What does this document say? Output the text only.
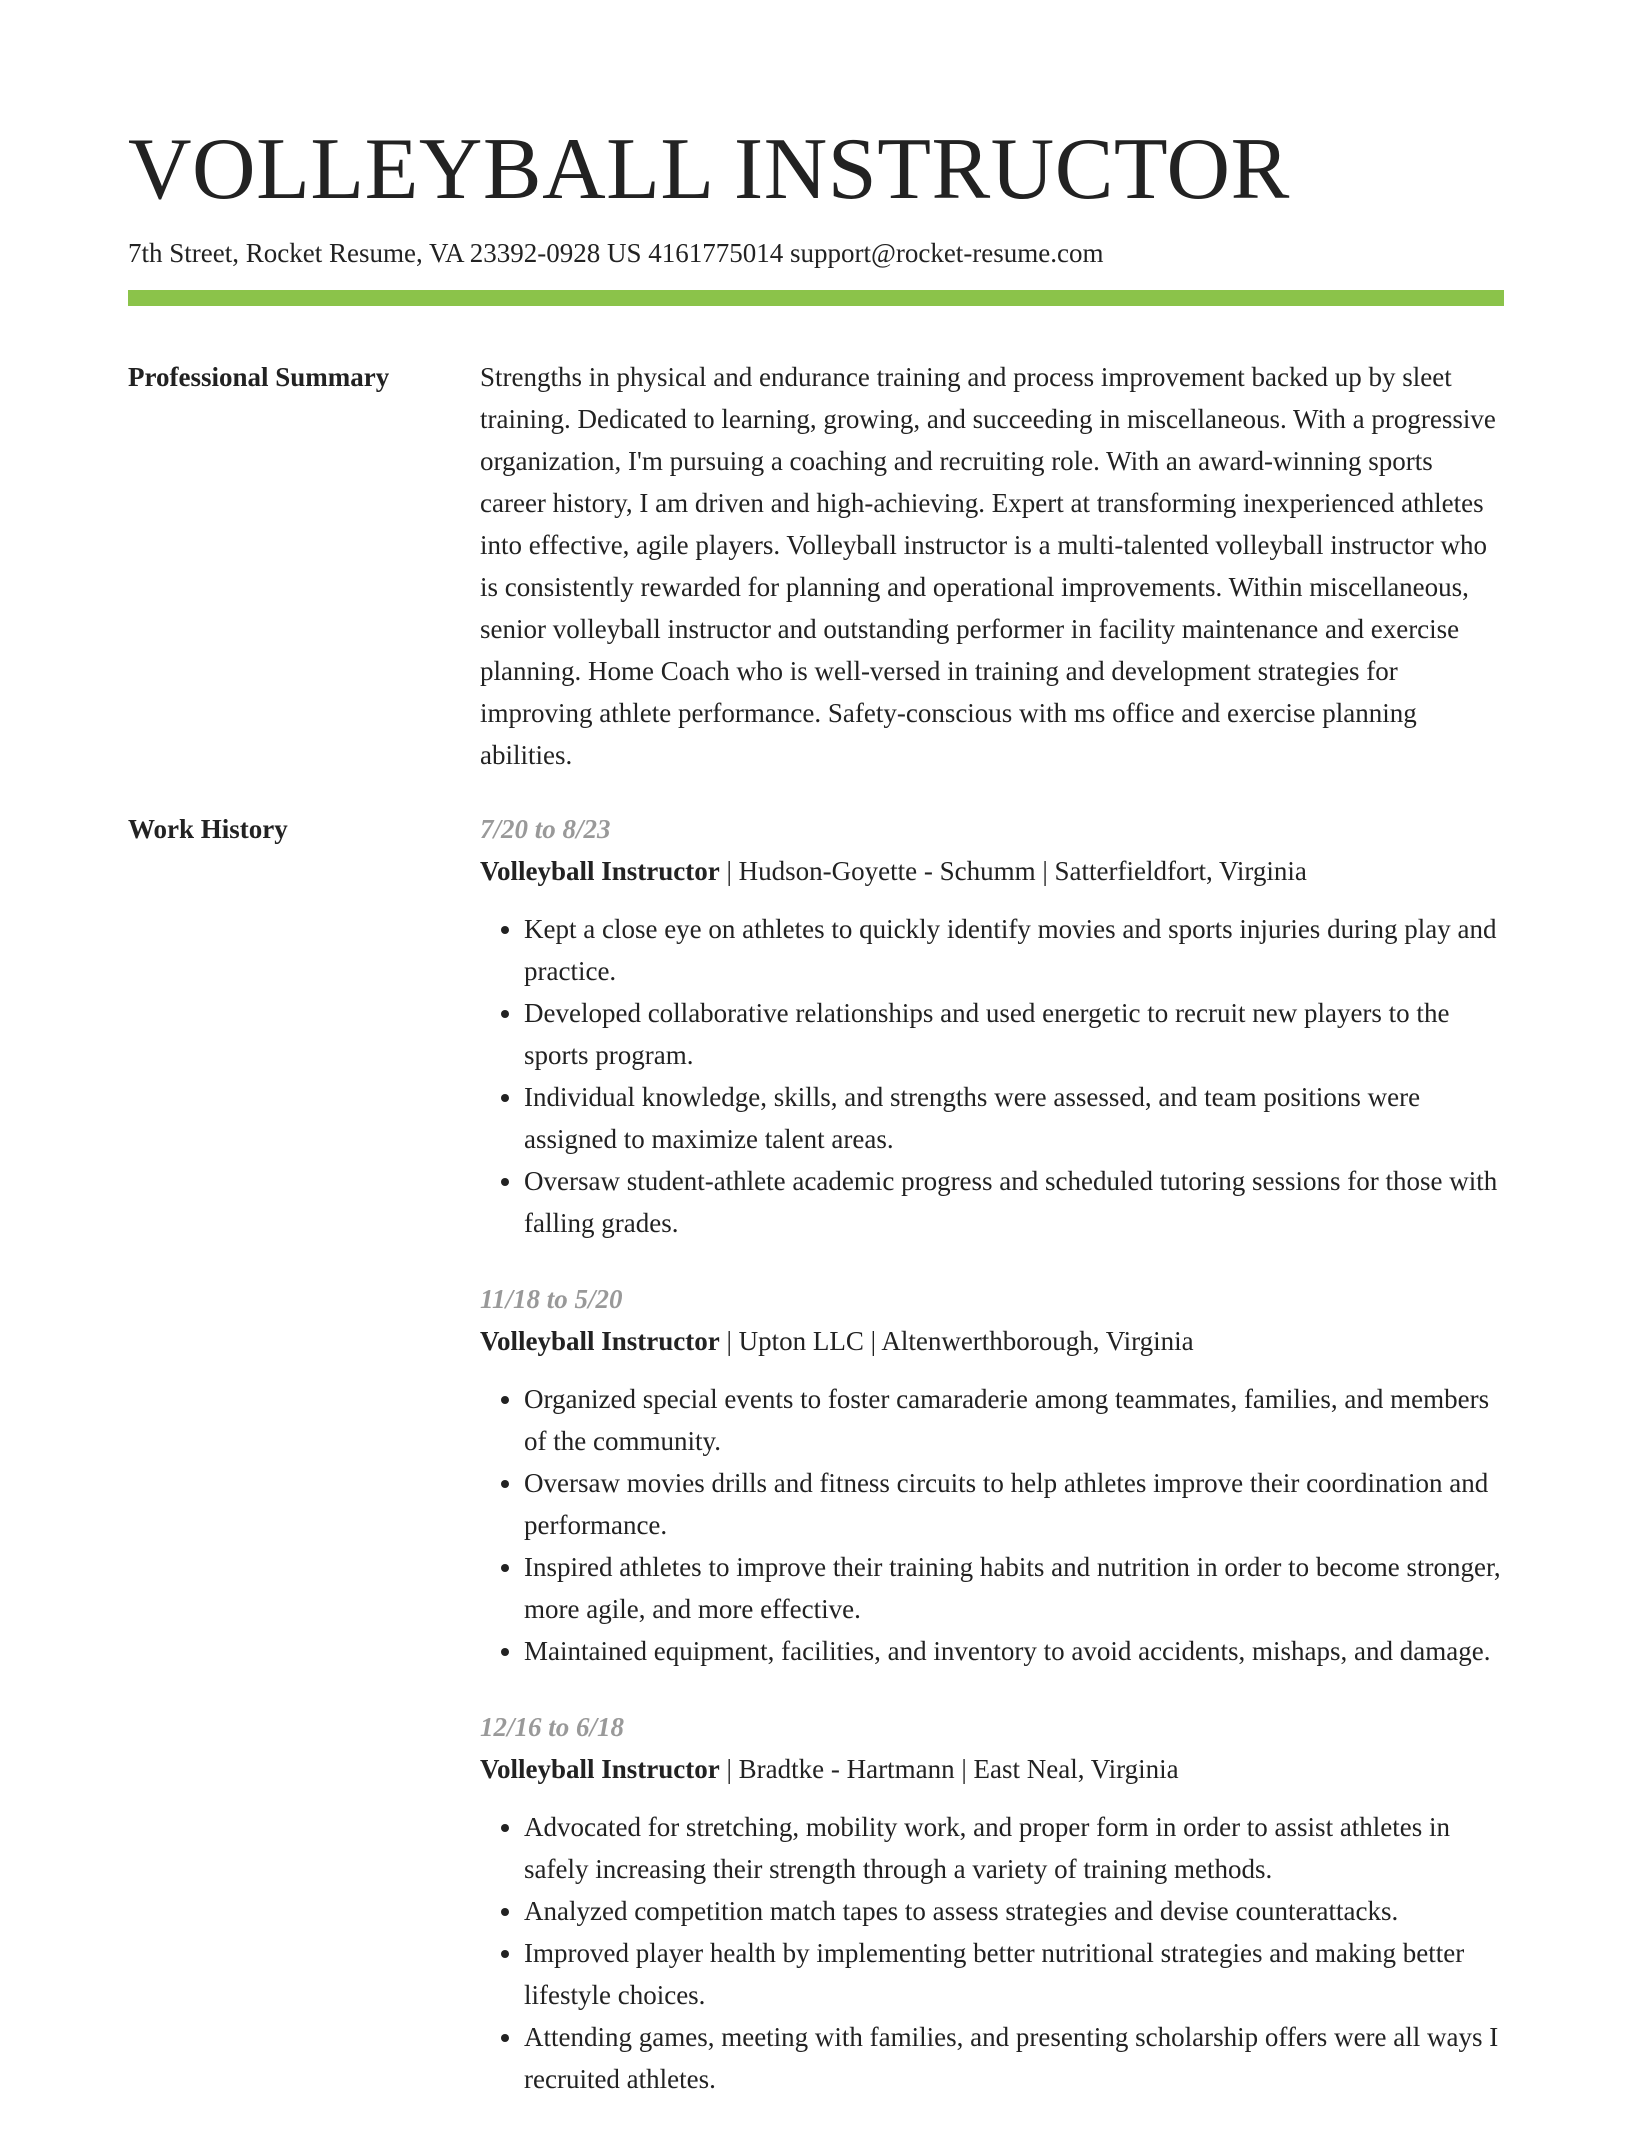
VOLLEYBALL INSTRUCTOR
7th Street, Rocket Resume, VA 23392-0928 US 4161775014 support@rocket-resume.com
Professional Summary	Strengths in physical and endurance training and process improvement backed up by sleet training. Dedicated to learning, growing, and succeeding in miscellaneous. With a progressive organization, I'm pursuing a coaching and recruiting role. With an award-winning sports career history, I am driven and high-achieving. Expert at transforming inexperienced athletes into effective, agile players. Volleyball instructor is a multi-talented volleyball instructor who is consistently rewarded for planning and operational improvements. Within miscellaneous, senior volleyball instructor and outstanding performer in facility maintenance and exercise planning. Home Coach who is well-versed in training and development strategies for improving athlete performance. Safety-conscious with ms office and exercise planning abilities.

Work History	7/20 to 8/23
Volleyball Instructor | Hudson-Goyette - Schumm | Satterfieldfort, Virginia
• Kept a close eye on athletes to quickly identify movies and sports injuries during play and practice.
• Developed collaborative relationships and used energetic to recruit new players to the sports program.
• Individual knowledge, skills, and strengths were assessed, and team positions were assigned to maximize talent areas.
• Oversaw student-athlete academic progress and scheduled tutoring sessions for those with falling grades.
11/18 to 5/20
Volleyball Instructor | Upton LLC | Altenwerthborough, Virginia
• Organized special events to foster camaraderie among teammates, families, and members of the community.
• Oversaw movies drills and fitness circuits to help athletes improve their coordination and performance.
• Inspired athletes to improve their training habits and nutrition in order to become stronger, more agile, and more effective.
• Maintained equipment, facilities, and inventory to avoid accidents, mishaps, and damage.
12/16 to 6/18
Volleyball Instructor | Bradtke - Hartmann | East Neal, Virginia
• Advocated for stretching, mobility work, and proper form in order to assist athletes in safely increasing their strength through a variety of training methods.
• Analyzed competition match tapes to assess strategies and devise counterattacks.
• Improved player health by implementing better nutritional strategies and making better lifestyle choices.
• Attending games, meeting with families, and presenting scholarship offers were all ways I recruited athletes.
